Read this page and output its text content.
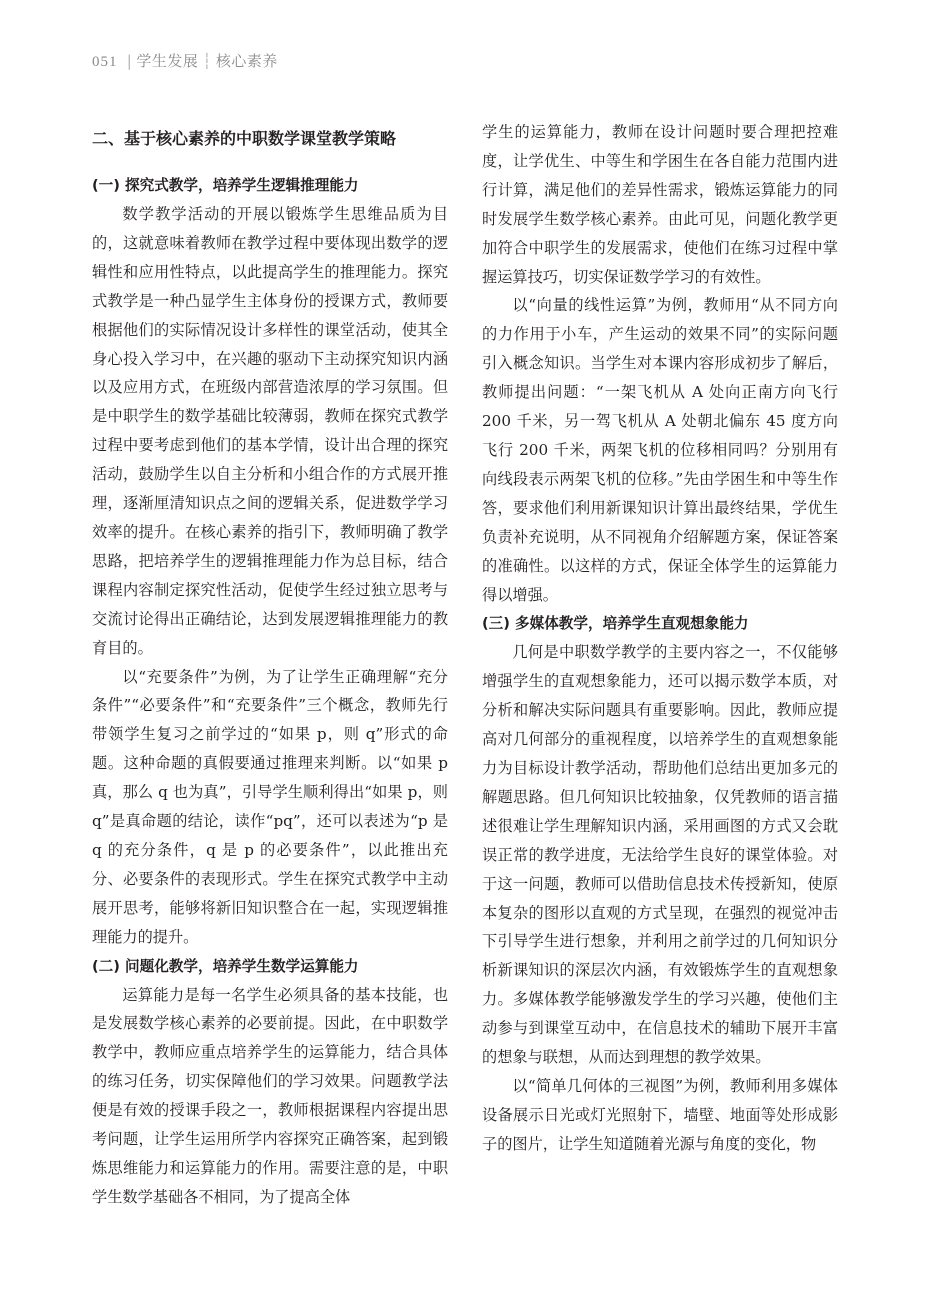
051 | 学生发展 ┆ 核心素养
二、基于核心素养的中职数学课堂教学策略
(一) 探究式教学，培养学生逻辑推理能力

数学教学活动的开展以锻炼学生思维品质为目的，这就意味着教师在教学过程中要体现出数学的逻辑性和应用性特点，以此提高学生的推理能力。探究式教学是一种凸显学生主体身份的授课方式，教师要根据他们的实际情况设计多样性的课堂活动，使其全身心投入学习中，在兴趣的驱动下主动探究知识内涵以及应用方式，在班级内部营造浓厚的学习氛围。但是中职学生的数学基础比较薄弱，教师在探究式教学过程中要考虑到他们的基本学情，设计出合理的探究活动，鼓励学生以自主分析和小组合作的方式展开推理，逐渐厘清知识点之间的逻辑关系，促进数学学习效率的提升。在核心素养的指引下，教师明确了教学思路，把培养学生的逻辑推理能力作为总目标，结合课程内容制定探究性活动，促使学生经过独立思考与交流讨论得出正确结论，达到发展逻辑推理能力的教育目的。

以“充要条件”为例，为了让学生正确理解“充分条件”“必要条件”和“充要条件”三个概念，教师先行带领学生复习之前学过的“如果 p，则 q”形式的命题。这种命题的真假要通过推理来判断。以“如果 p 真，那么 q 也为真”，引导学生顺利得出“如果 p，则 q”是真命题的结论，读作“pq”，还可以表述为“p 是 q 的充分条件，q 是 p 的必要条件”，以此推出充分、必要条件的表现形式。学生在探究式教学中主动展开思考，能够将新旧知识整合在一起，实现逻辑推理能力的提升。

(二) 问题化教学，培养学生数学运算能力

运算能力是每一名学生必须具备的基本技能，也是发展数学核心素养的必要前提。因此，在中职数学教学中，教师应重点培养学生的运算能力，结合具体的练习任务，切实保障他们的学习效果。问题教学法便是有效的授课手段之一，教师根据课程内容提出思考问题，让学生运用所学内容探究正确答案，起到锻炼思维能力和运算能力的作用。需要注意的是，中职学生数学基础各不相同，为了提高全体

学生的运算能力，教师在设计问题时要合理把控难度，让学优生、中等生和学困生在各自能力范围内进行计算，满足他们的差异性需求，锻炼运算能力的同时发展学生数学核心素养。由此可见，问题化教学更加符合中职学生的发展需求，使他们在练习过程中掌握运算技巧，切实保证数学学习的有效性。

以“向量的线性运算”为例，教师用“从不同方向的力作用于小车，产生运动的效果不同”的实际问题引入概念知识。当学生对本课内容形成初步了解后，教师提出问题：“一架飞机从 A 处向正南方向飞行 200 千米，另一驾飞机从 A 处朝北偏东 45 度方向飞行 200 千米，两架飞机的位移相同吗？分别用有向线段表示两架飞机的位移。”先由学困生和中等生作答，要求他们利用新课知识计算出最终结果，学优生负责补充说明，从不同视角介绍解题方案，保证答案的准确性。以这样的方式，保证全体学生的运算能力得以增强。

(三) 多媒体教学，培养学生直观想象能力

几何是中职数学教学的主要内容之一，不仅能够增强学生的直观想象能力，还可以揭示数学本质，对分析和解决实际问题具有重要影响。因此，教师应提高对几何部分的重视程度，以培养学生的直观想象能力为目标设计教学活动，帮助他们总结出更加多元的解题思路。但几何知识比较抽象，仅凭教师的语言描述很难让学生理解知识内涵，采用画图的方式又会耽误正常的教学进度，无法给学生良好的课堂体验。对于这一问题，教师可以借助信息技术传授新知，使原本复杂的图形以直观的方式呈现，在强烈的视觉冲击下引导学生进行想象，并利用之前学过的几何知识分析新课知识的深层次内涵，有效锻炼学生的直观想象力。多媒体教学能够激发学生的学习兴趣，使他们主动参与到课堂互动中，在信息技术的辅助下展开丰富的想象与联想，从而达到理想的教学效果。

以“简单几何体的三视图”为例，教师利用多媒体设备展示日光或灯光照射下，墙壁、地面等处形成影子的图片，让学生知道随着光源与角度的变化，物
